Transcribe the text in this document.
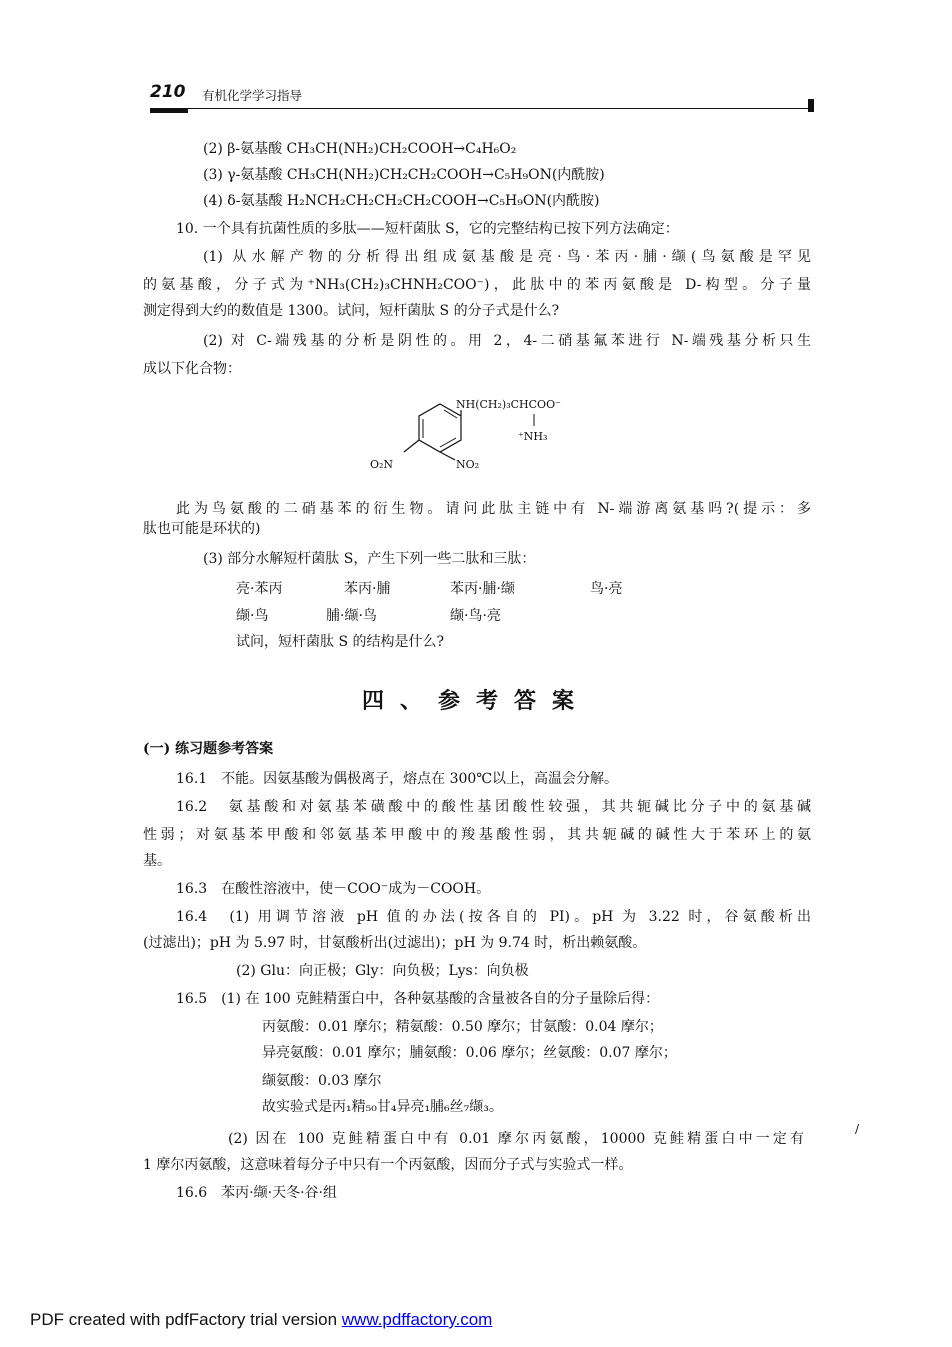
210 有机化学学习指导
(2) β-氨基酸 CH₃CH(NH₂)CH₂COOH→C₄H₆O₂
(3) γ-氨基酸 CH₃CH(NH₂)CH₂CH₂COOH→C₅H₉ON(内酰胺)
(4) δ-氨基酸 H₂NCH₂CH₂CH₂CH₂COOH→C₅H₉ON(内酰胺)
10. 一个具有抗菌性质的多肽——短杆菌肽 S，它的完整结构已按下列方法确定：
(1) 从水解产物的分析得出组成氨基酸是亮·鸟·苯丙·脯·缬(鸟氨酸是罕见
的氨基酸，分子式为⁺NH₃(CH₂)₃CHNH₂COO⁻)，此肽中的苯丙氨酸是 D-构型。分子量
测定得到大约的数值是 1300。试问，短杆菌肽 S 的分子式是什么?
(2) 对 C-端残基的分析是阴性的。用 2，4-二硝基氟苯进行 N-端残基分析只生
成以下化合物：
NH(CH₂)₃CHCOO⁻
⁺NH₃
O₂N	NO₂
此为鸟氨酸的二硝基苯的衍生物。请问此肽主链中有 N-端游离氨基吗?(提示：多
肽也可能是环状的)
(3) 部分水解短杆菌肽 S，产生下列一些二肽和三肽：
亮·苯丙	苯丙·脯	苯丙·脯·缬	鸟·亮
缬·鸟	脯·缬·鸟	缬·鸟·亮
试问，短杆菌肽 S 的结构是什么?
四、参考答案
(一) 练习题参考答案
16.1　不能。因氨基酸为偶极离子，熔点在 300℃以上，高温会分解。
16.2　氨基酸和对氨基苯磺酸中的酸性基团酸性较强，其共轭碱比分子中的氨基碱
性弱；对氨基苯甲酸和邻氨基苯甲酸中的羧基酸性弱，其共轭碱的碱性大于苯环上的氨
基。
16.3　在酸性溶液中，使－COO⁻成为－COOH。
16.4　(1) 用调节溶液 pH 值的办法(按各自的 PI)。pH 为 3.22 时，谷氨酸析出
(过滤出)；pH 为 5.97 时，甘氨酸析出(过滤出)；pH 为 9.74 时，析出赖氨酸。
(2) Glu：向正极；Gly：向负极；Lys：向负极
16.5　(1) 在 100 克鲑精蛋白中，各种氨基酸的含量被各自的分子量除后得：
丙氨酸：0.01 摩尔；精氨酸：0.50 摩尔；甘氨酸：0.04 摩尔；
异亮氨酸：0.01 摩尔；脯氨酸：0.06 摩尔；丝氨酸：0.07 摩尔；
缬氨酸：0.03 摩尔
故实验式是丙₁精₅₀甘₄异亮₁脯₆丝₇缬₃。
(2) 因在 100 克鲑精蛋白中有 0.01 摩尔丙氨酸，10000 克鲑精蛋白中一定有
1 摩尔丙氨酸，这意味着每分子中只有一个丙氨酸，因而分子式与实验式一样。
16.6　苯丙·缬·天冬·谷·组
/
PDF created with pdfFactory trial version www.pdffactory.com
